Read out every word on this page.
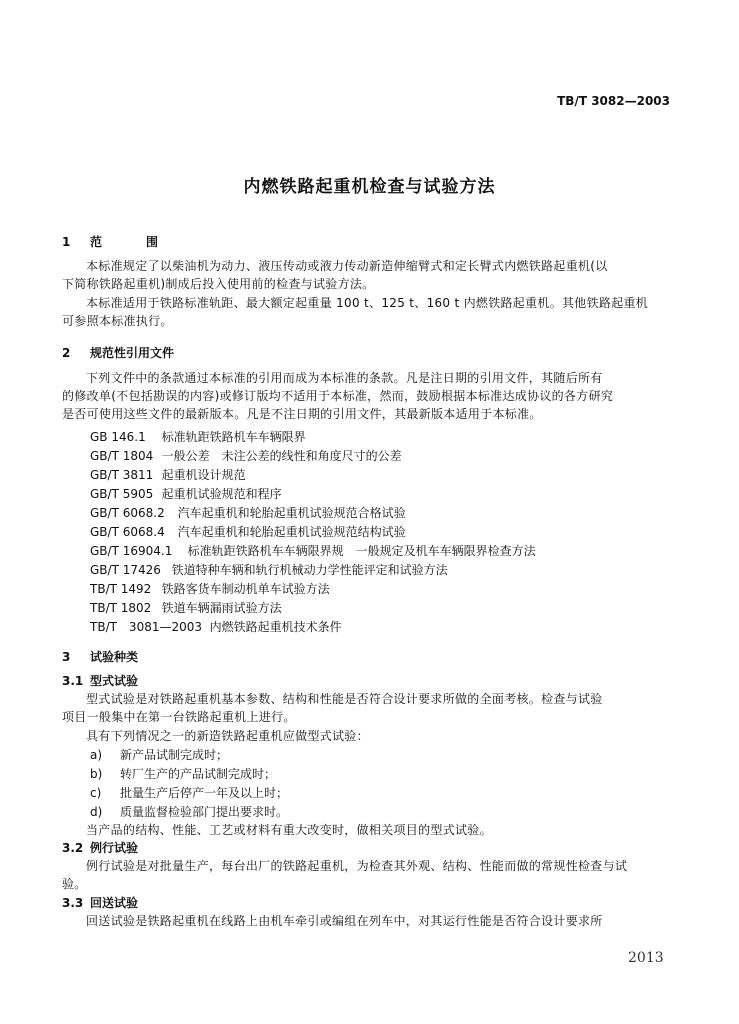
TB/T 3082—2003
内燃铁路起重机检查与试验方法
1 范　围
本标准规定了以柴油机为动力、液压传动或液力传动新造伸缩臂式和定长臂式内燃铁路起重机(以
下简称铁路起重机)制成后投入使用前的检查与试验方法。
本标准适用于铁路标准轨距、最大额定起重量 100 t、125 t、160 t 内燃铁路起重机。其他铁路起重机
可参照本标准执行。
2 规范性引用文件
下列文件中的条款通过本标准的引用而成为本标准的条款。凡是注日期的引用文件，其随后所有
的修改单(不包括勘误的内容)或修订版均不适用于本标准，然而，鼓励根据本标准达成协议的各方研究
是否可使用这些文件的最新版本。凡是不注日期的引用文件，其最新版本适用于本标准。
GB 146.1 标准轨距铁路机车车辆限界
GB/T 1804 一般公差　未注公差的线性和角度尺寸的公差
GB/T 3811 起重机设计规范
GB/T 5905 起重机试验规范和程序
GB/T 6068.2 汽车起重机和轮胎起重机试验规范合格试验
GB/T 6068.4 汽车起重机和轮胎起重机试验规范结构试验
GB/T 16904.1 标准轨距铁路机车车辆限界规　一般规定及机车车辆限界检查方法
GB/T 17426 铁道特种车辆和轨行机械动力学性能评定和试验方法
TB/T 1492 铁路客货车制动机单车试验方法
TB/T 1802 铁道车辆漏雨试验方法
TB/T　3081—2003 内燃铁路起重机技术条件
3 试验种类
3.1 型式试验
型式试验是对铁路起重机基本参数、结构和性能是否符合设计要求所做的全面考核。检查与试验
项目一般集中在第一台铁路起重机上进行。
具有下列情况之一的新造铁路起重机应做型式试验：
a) 新产品试制完成时；
b) 转厂生产的产品试制完成时；
c) 批量生产后停产一年及以上时；
d) 质量监督检验部门提出要求时。
当产品的结构、性能、工艺或材料有重大改变时，做相关项目的型式试验。
3.2 例行试验
例行试验是对批量生产，每台出厂的铁路起重机，为检查其外观、结构、性能而做的常规性检查与试
验。
3.3 回送试验
回送试验是铁路起重机在线路上由机车牵引或编组在列车中，对其运行性能是否符合设计要求所
2013
